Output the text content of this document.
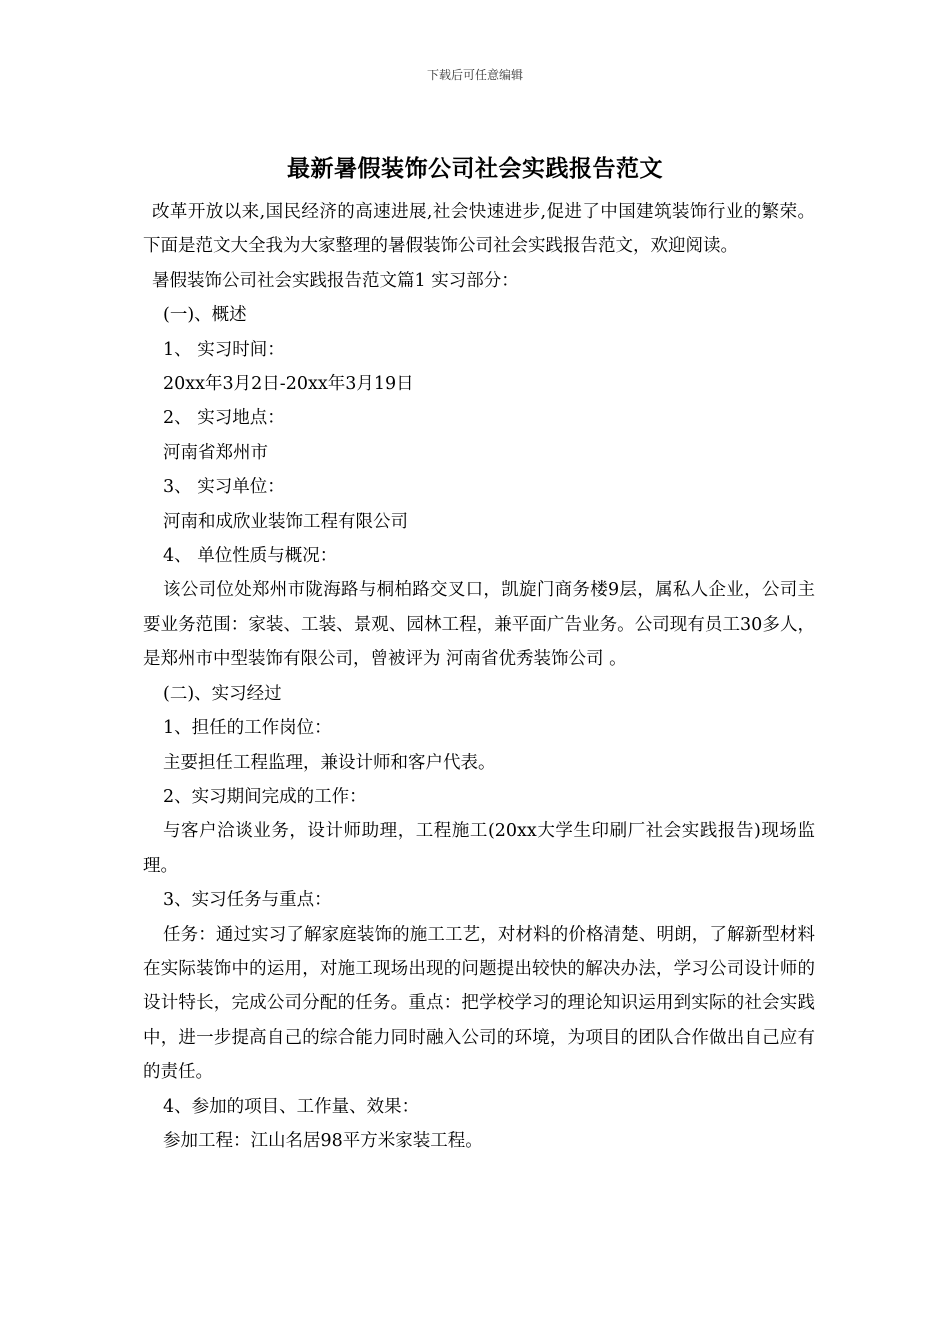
下载后可任意编辑
最新暑假装饰公司社会实践报告范文

改革开放以来,国民经济的高速进展,社会快速进步,促进了中国建筑装饰行业的繁荣。下面是范文大全我为大家整理的暑假装饰公司社会实践报告范文，欢迎阅读。

暑假装饰公司社会实践报告范文篇1 实习部分：

(一)、概述

1、 实习时间：

20xx年3月2日-20xx年3月19日

2、 实习地点：

河南省郑州市

3、 实习单位：

河南和成欣业装饰工程有限公司

4、 单位性质与概况：

该公司位处郑州市陇海路与桐柏路交叉口，凯旋门商务楼9层，属私人企业，公司主要业务范围：家装、工装、景观、园林工程，兼平面广告业务。公司现有员工30多人，是郑州市中型装饰有限公司，曾被评为 河南省优秀装饰公司 。

(二)、实习经过

1、担任的工作岗位：

主要担任工程监理，兼设计师和客户代表。

2、实习期间完成的工作：

与客户洽谈业务，设计师助理，工程施工(20xx大学生印刷厂社会实践报告)现场监理。

3、实习任务与重点：

任务：通过实习了解家庭装饰的施工工艺，对材料的价格清楚、明朗，了解新型材料在实际装饰中的运用，对施工现场出现的问题提出较快的解决办法，学习公司设计师的设计特长，完成公司分配的任务。重点：把学校学习的理论知识运用到实际的社会实践中，进一步提高自己的综合能力同时融入公司的环境，为项目的团队合作做出自己应有的责任。

4、参加的项目、工作量、效果：

参加工程：江山名居98平方米家装工程。
